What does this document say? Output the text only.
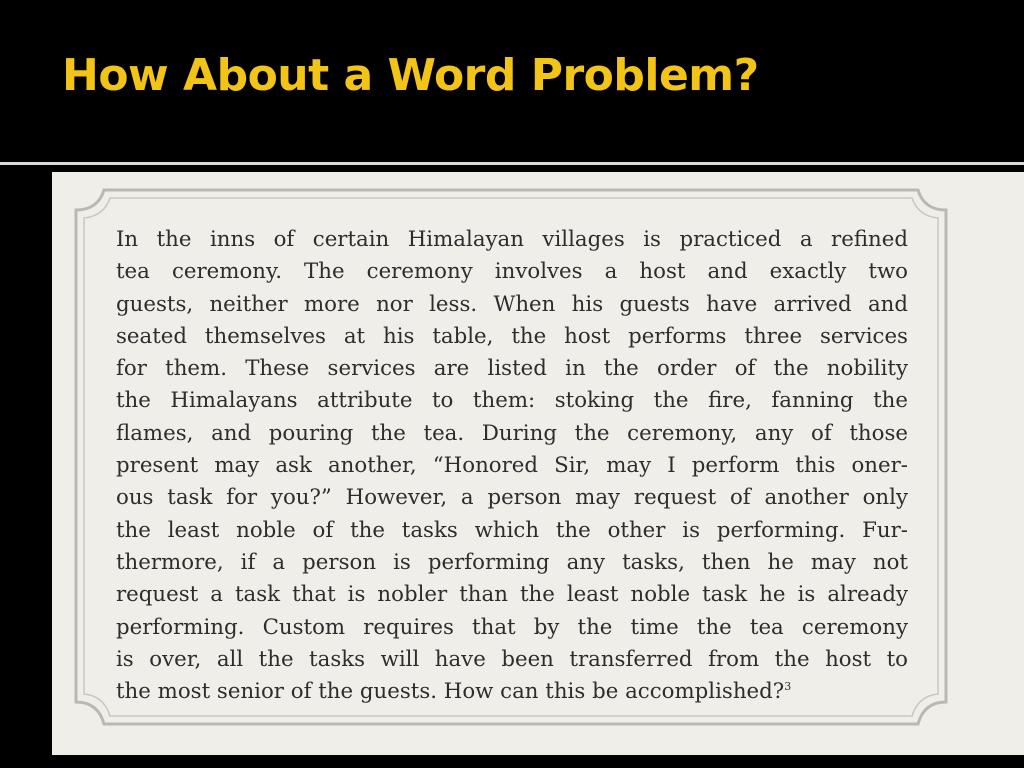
How About a Word Problem?
In the inns of certain Himalayan villages is practiced a refined
tea ceremony. The ceremony involves a host and exactly two
guests, neither more nor less. When his guests have arrived and
seated themselves at his table, the host performs three services
for them. These services are listed in the order of the nobility
the Himalayans attribute to them: stoking the fire, fanning the
flames, and pouring the tea. During the ceremony, any of those
present may ask another, “Honored Sir, may I perform this oner-
ous task for you?” However, a person may request of another only
the least noble of the tasks which the other is performing. Fur-
thermore, if a person is performing any tasks, then he may not
request a task that is nobler than the least noble task he is already
performing. Custom requires that by the time the tea ceremony
is over, all the tasks will have been transferred from the host to
the most senior of the guests. How can this be accomplished?$^3$
